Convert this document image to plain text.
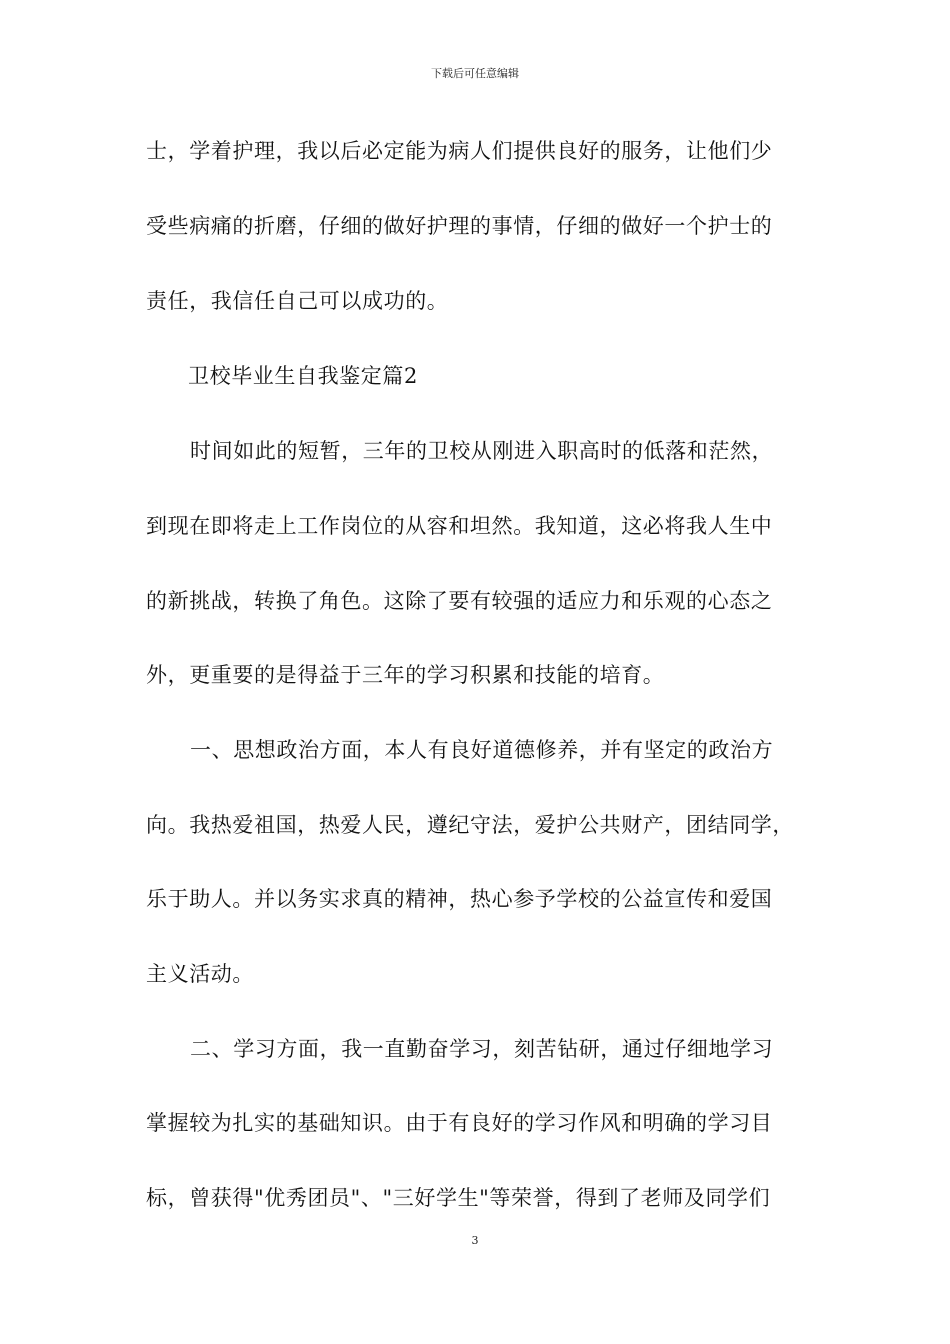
下载后可任意编辑
士，学着护理，我以后必定能为病人们提供良好的服务，让他们少
受些病痛的折磨，仔细的做好护理的事情，仔细的做好一个护士的
责任，我信任自己可以成功的。
卫校毕业生自我鉴定篇2
时间如此的短暂，三年的卫校从刚进入职高时的低落和茫然，
到现在即将走上工作岗位的从容和坦然。我知道，这必将我人生中
的新挑战，转换了角色。这除了要有较强的适应力和乐观的心态之
外，更重要的是得益于三年的学习积累和技能的培育。
一、思想政治方面，本人有良好道德修养，并有坚定的政治方
向。我热爱祖国，热爱人民，遵纪守法，爱护公共财产，团结同学，
乐于助人。并以务实求真的精神，热心参予学校的公益宣传和爱国
主义活动。
二、学习方面，我一直勤奋学习，刻苦钻研，通过仔细地学习
掌握较为扎实的基础知识。由于有良好的学习作风和明确的学习目
标，曾获得"优秀团员"、"三好学生"等荣誉，得到了老师及同学们
3
